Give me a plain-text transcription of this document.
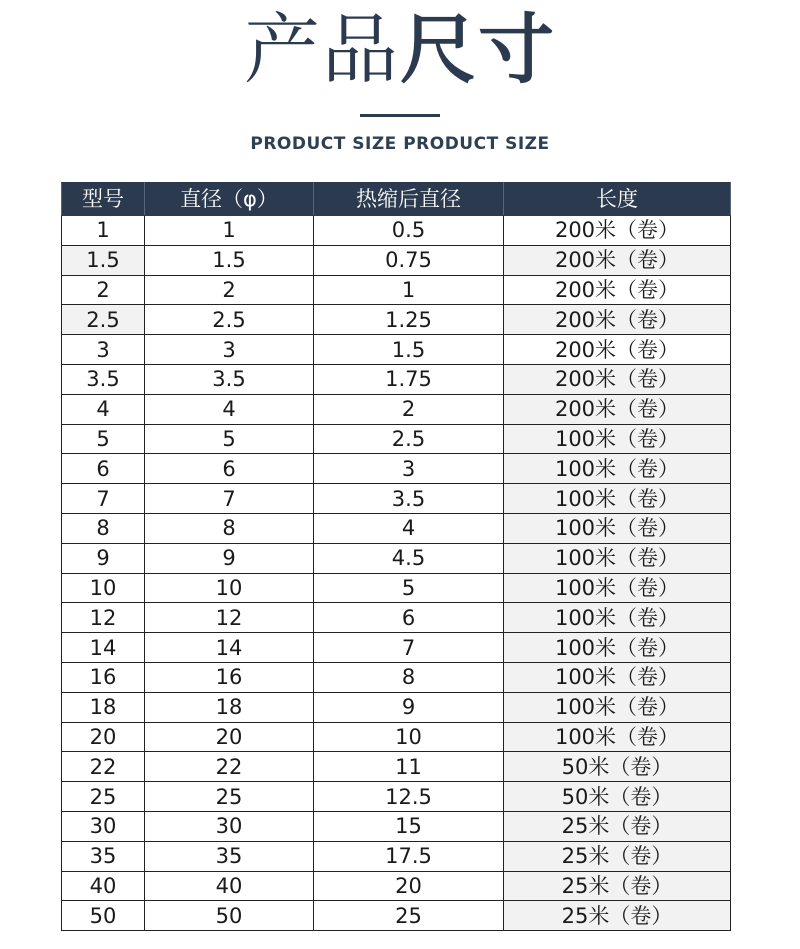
产品尺寸
PRODUCT SIZE PRODUCT SIZE
型号	直径（φ）	热缩后直径	长度
1	1	0.5	200米（卷）
1.5	1.5	0.75	200米（卷）
2	2	1	200米（卷）
2.5	2.5	1.25	200米（卷）
3	3	1.5	200米（卷）
3.5	3.5	1.75	200米（卷）
4	4	2	200米（卷）
5	5	2.5	100米（卷）
6	6	3	100米（卷）
7	7	3.5	100米（卷）
8	8	4	100米（卷）
9	9	4.5	100米（卷）
10	10	5	100米（卷）
12	12	6	100米（卷）
14	14	7	100米（卷）
16	16	8	100米（卷）
18	18	9	100米（卷）
20	20	10	100米（卷）
22	22	11	50米（卷）
25	25	12.5	50米（卷）
30	30	15	25米（卷）
35	35	17.5	25米（卷）
40	40	20	25米（卷）
50	50	25	25米（卷）
